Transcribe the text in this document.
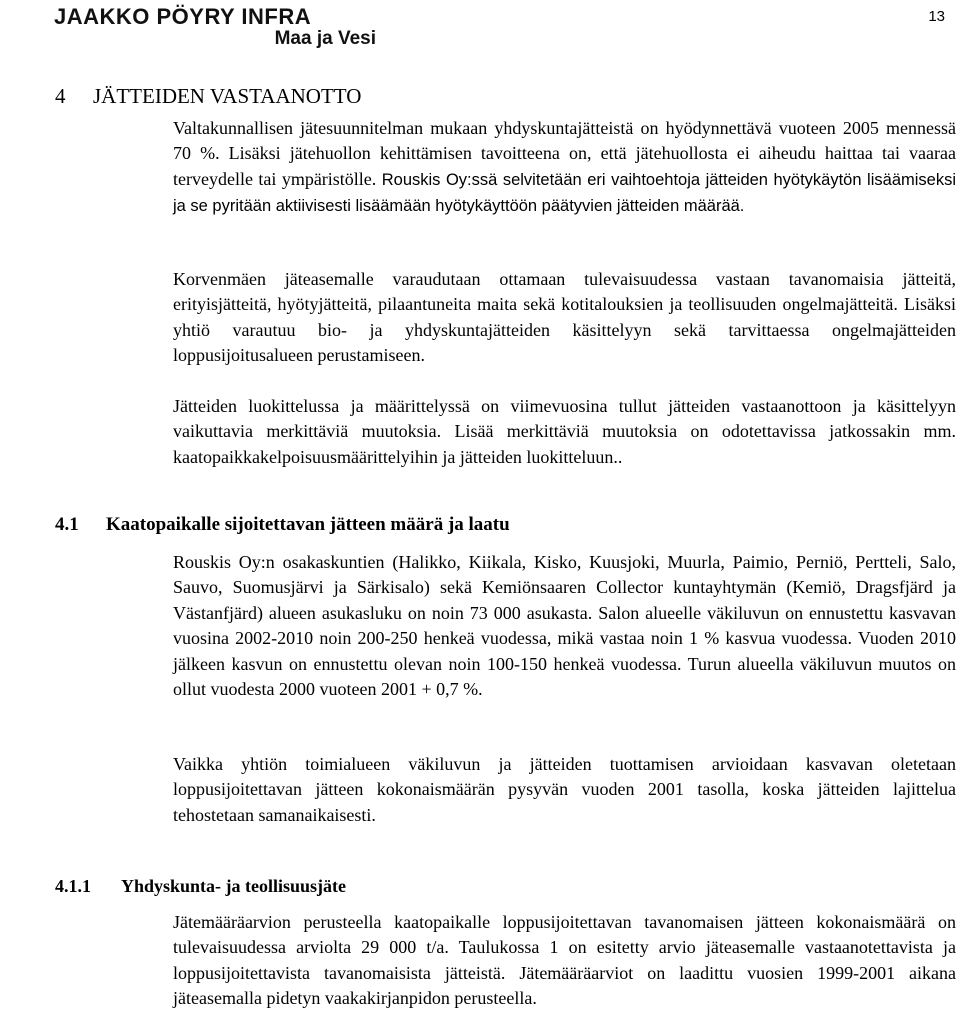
JAAKKO PÖYRY INFRA
Maa ja Vesi
13
4 JÄTTEIDEN VASTAANOTTO

Valtakunnallisen jätesuunnitelman mukaan yhdyskuntajätteistä on hyödynnettävä vuoteen 2005 mennessä 70 %. Lisäksi jätehuollon kehittämisen tavoitteena on, että jätehuollosta ei aiheudu haittaa tai vaaraa terveydelle tai ympäristölle. Rouskis Oy:ssä selvitetään eri vaihtoehtoja jätteiden hyötykäytön lisäämiseksi ja se pyritään aktiivisesti lisäämään hyötykäyttöön päätyvien jätteiden määrää.

Korvenmäen jäteasemalle varaudutaan ottamaan tulevaisuudessa vastaan tavanomaisia jätteitä, erityisjätteitä, hyötyjätteitä, pilaantuneita maita sekä kotitalouksien ja teollisuuden ongelmajätteitä. Lisäksi yhtiö varautuu bio- ja yhdyskuntajätteiden käsittelyyn sekä tarvittaessa ongelmajätteiden loppusijoitusalueen perustamiseen.

Jätteiden luokittelussa ja määrittelyssä on viimevuosina tullut jätteiden vastaanottoon ja käsittelyyn vaikuttavia merkittäviä muutoksia. Lisää merkittäviä muutoksia on odotettavissa jatkossakin mm. kaatopaikkakelpoisuusmäärittelyihin ja jätteiden luokitteluun..

4.1 Kaatopaikalle sijoitettavan jätteen määrä ja laatu

Rouskis Oy:n osakaskuntien (Halikko, Kiikala, Kisko, Kuusjoki, Muurla, Paimio, Perniö, Pertteli, Salo, Sauvo, Suomusjärvi ja Särkisalo) sekä Kemiönsaaren Collector kuntayhtymän (Kemiö, Dragsfjärd ja Västanfjärd) alueen asukasluku on noin 73 000 asukasta. Salon alueelle väkiluvun on ennustettu kasvavan vuosina 2002-2010 noin 200-250 henkeä vuodessa, mikä vastaa noin 1 % kasvua vuodessa. Vuoden 2010 jälkeen kasvun on ennustettu olevan noin 100-150 henkeä vuodessa. Turun alueella väkiluvun muutos on ollut vuodesta 2000 vuoteen 2001 + 0,7 %.

Vaikka yhtiön toimialueen väkiluvun ja jätteiden tuottamisen arvioidaan kasvavan oletetaan loppusijoitettavan jätteen kokonaismäärän pysyvän vuoden 2001 tasolla, koska jätteiden lajittelua tehostetaan samanaikaisesti.

4.1.1 Yhdyskunta- ja teollisuusjäte

Jätemääräarvion perusteella kaatopaikalle loppusijoitettavan tavanomaisen jätteen kokonaismäärä on tulevaisuudessa arviolta 29 000 t/a. Taulukossa 1 on esitetty arvio jäteasemalle vastaanotettavista ja loppusijoitettavista tavanomaisista jätteistä. Jätemääräarviot on laadittu vuosien 1999-2001 aikana jäteasemalla pidetyn vaakakirjanpidon perusteella.
